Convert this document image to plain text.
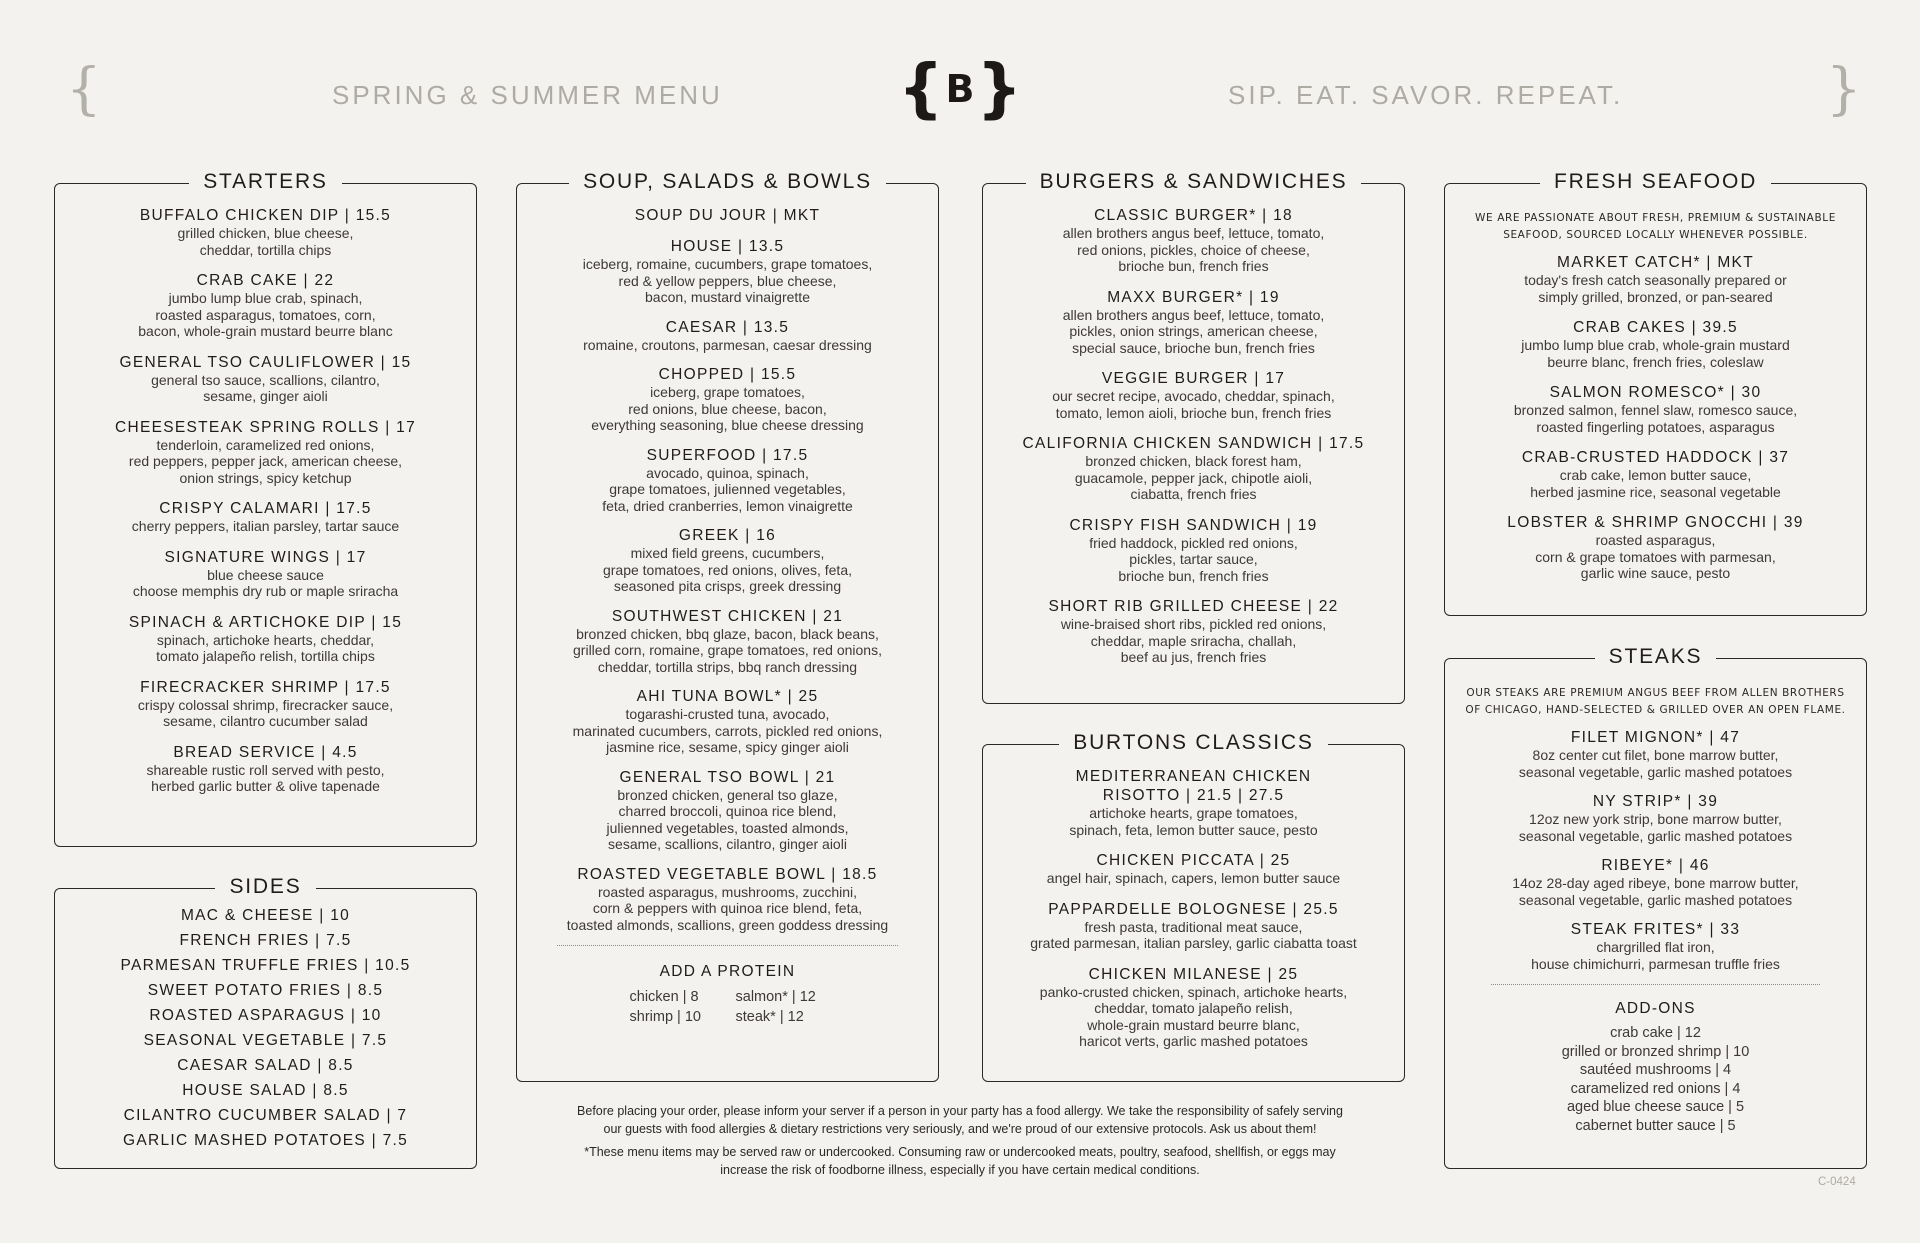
{	SPRING & SUMMER MENU	{ B }	SIP. EAT. SAVOR. REPEAT.	}
STARTERS
BUFFALO CHICKEN DIP | 15.5
grilled chicken, blue cheese,
cheddar, tortilla chips
CRAB CAKE | 22
jumbo lump blue crab, spinach,
roasted asparagus, tomatoes, corn,
bacon, whole-grain mustard beurre blanc
GENERAL TSO CAULIFLOWER | 15
general tso sauce, scallions, cilantro,
sesame, ginger aioli
CHEESESTEAK SPRING ROLLS | 17
tenderloin, caramelized red onions,
red peppers, pepper jack, american cheese,
onion strings, spicy ketchup
CRISPY CALAMARI | 17.5
cherry peppers, italian parsley, tartar sauce
SIGNATURE WINGS | 17
blue cheese sauce
choose memphis dry rub or maple sriracha
SPINACH & ARTICHOKE DIP | 15
spinach, artichoke hearts, cheddar,
tomato jalapeño relish, tortilla chips
FIRECRACKER SHRIMP | 17.5
crispy colossal shrimp, firecracker sauce,
sesame, cilantro cucumber salad
BREAD SERVICE | 4.5
shareable rustic roll served with pesto,
herbed garlic butter & olive tapenade
SIDES
MAC & CHEESE | 10
FRENCH FRIES | 7.5
PARMESAN TRUFFLE FRIES | 10.5
SWEET POTATO FRIES | 8.5
ROASTED ASPARAGUS | 10
SEASONAL VEGETABLE | 7.5
CAESAR SALAD | 8.5
HOUSE SALAD | 8.5
CILANTRO CUCUMBER SALAD | 7
GARLIC MASHED POTATOES | 7.5
SOUP, SALADS & BOWLS
SOUP DU JOUR | MKT
HOUSE | 13.5
iceberg, romaine, cucumbers, grape tomatoes,
red & yellow peppers, blue cheese,
bacon, mustard vinaigrette
CAESAR | 13.5
romaine, croutons, parmesan, caesar dressing
CHOPPED | 15.5
iceberg, grape tomatoes,
red onions, blue cheese, bacon,
everything seasoning, blue cheese dressing
SUPERFOOD | 17.5
avocado, quinoa, spinach,
grape tomatoes, julienned vegetables,
feta, dried cranberries, lemon vinaigrette
GREEK | 16
mixed field greens, cucumbers,
grape tomatoes, red onions, olives, feta,
seasoned pita crisps, greek dressing
SOUTHWEST CHICKEN | 21
bronzed chicken, bbq glaze, bacon, black beans,
grilled corn, romaine, grape tomatoes, red onions,
cheddar, tortilla strips, bbq ranch dressing
AHI TUNA BOWL* | 25
togarashi-crusted tuna, avocado,
marinated cucumbers, carrots, pickled red onions,
jasmine rice, sesame, spicy ginger aioli
GENERAL TSO BOWL | 21
bronzed chicken, general tso glaze,
charred broccoli, quinoa rice blend,
julienned vegetables, toasted almonds,
sesame, scallions, cilantro, ginger aioli
ROASTED VEGETABLE BOWL | 18.5
roasted asparagus, mushrooms, zucchini,
corn & peppers with quinoa rice blend, feta,
toasted almonds, scallions, green goddess dressing
ADD A PROTEIN
chicken | 8	salmon* | 12
shrimp | 10	steak* | 12
BURGERS & SANDWICHES
CLASSIC BURGER* | 18
allen brothers angus beef, lettuce, tomato,
red onions, pickles, choice of cheese,
brioche bun, french fries
MAXX BURGER* | 19
allen brothers angus beef, lettuce, tomato,
pickles, onion strings, american cheese,
special sauce, brioche bun, french fries
VEGGIE BURGER | 17
our secret recipe, avocado, cheddar, spinach,
tomato, lemon aioli, brioche bun, french fries
CALIFORNIA CHICKEN SANDWICH | 17.5
bronzed chicken, black forest ham,
guacamole, pepper jack, chipotle aioli,
ciabatta, french fries
CRISPY FISH SANDWICH | 19
fried haddock, pickled red onions,
pickles, tartar sauce,
brioche bun, french fries
SHORT RIB GRILLED CHEESE | 22
wine-braised short ribs, pickled red onions,
cheddar, maple sriracha, challah,
beef au jus, french fries
BURTONS CLASSICS
MEDITERRANEAN CHICKEN
RISOTTO | 21.5 | 27.5
artichoke hearts, grape tomatoes,
spinach, feta, lemon butter sauce, pesto
CHICKEN PICCATA | 25
angel hair, spinach, capers, lemon butter sauce
PAPPARDELLE BOLOGNESE | 25.5
fresh pasta, traditional meat sauce,
grated parmesan, italian parsley, garlic ciabatta toast
CHICKEN MILANESE | 25
panko-crusted chicken, spinach, artichoke hearts,
cheddar, tomato jalapeño relish,
whole-grain mustard beurre blanc,
haricot verts, garlic mashed potatoes
FRESH SEAFOOD
WE ARE PASSIONATE ABOUT FRESH, PREMIUM & SUSTAINABLE
SEAFOOD, SOURCED LOCALLY WHENEVER POSSIBLE.
MARKET CATCH* | MKT
today's fresh catch seasonally prepared or
simply grilled, bronzed, or pan-seared
CRAB CAKES | 39.5
jumbo lump blue crab, whole-grain mustard
beurre blanc, french fries, coleslaw
SALMON ROMESCO* | 30
bronzed salmon, fennel slaw, romesco sauce,
roasted fingerling potatoes, asparagus
CRAB-CRUSTED HADDOCK | 37
crab cake, lemon butter sauce,
herbed jasmine rice, seasonal vegetable
LOBSTER & SHRIMP GNOCCHI | 39
roasted asparagus,
corn & grape tomatoes with parmesan,
garlic wine sauce, pesto
STEAKS
OUR STEAKS ARE PREMIUM ANGUS BEEF FROM ALLEN BROTHERS
OF CHICAGO, HAND-SELECTED & GRILLED OVER AN OPEN FLAME.
FILET MIGNON* | 47
8oz center cut filet, bone marrow butter,
seasonal vegetable, garlic mashed potatoes
NY STRIP* | 39
12oz new york strip, bone marrow butter,
seasonal vegetable, garlic mashed potatoes
RIBEYE* | 46
14oz 28-day aged ribeye, bone marrow butter,
seasonal vegetable, garlic mashed potatoes
STEAK FRITES* | 33
chargrilled flat iron,
house chimichurri, parmesan truffle fries
ADD-ONS
crab cake | 12
grilled or bronzed shrimp | 10
sautéed mushrooms | 4
caramelized red onions | 4
aged blue cheese sauce | 5
cabernet butter sauce | 5
Before placing your order, please inform your server if a person in your party has a food allergy. We take the responsibility of safely serving
our guests with food allergies & dietary restrictions very seriously, and we're proud of our extensive protocols. Ask us about them!
*These menu items may be served raw or undercooked. Consuming raw or undercooked meats, poultry, seafood, shellfish, or eggs may
increase the risk of foodborne illness, especially if you have certain medical conditions.
C-0424
